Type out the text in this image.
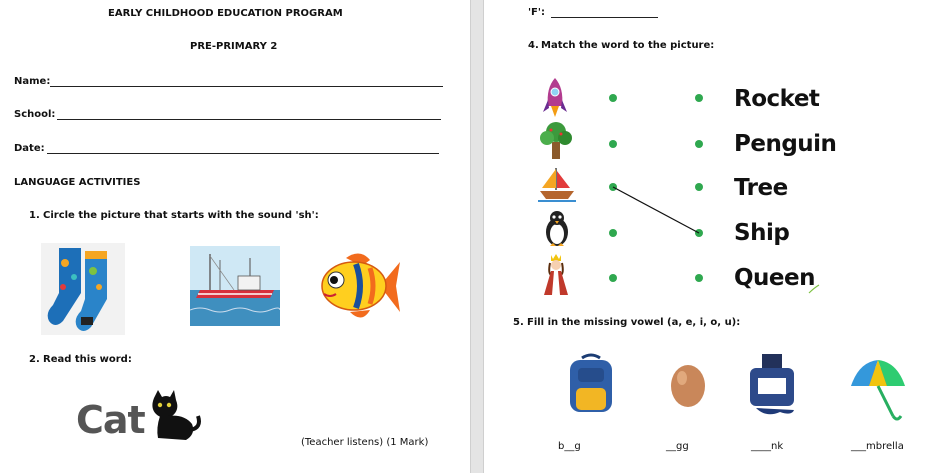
EARLY CHILDHOOD EDUCATION PROGRAM
PRE-PRIMARY 2
Name:
School:
Date:
LANGUAGE ACTIVITIES
1. Circle the picture that starts with the sound 'sh':
2. Read this word:
Cat
(Teacher listens) (1 Mark)
'F':
4. Match the word to the picture:
Rocket
Penguin
Tree
Ship
Queen
5. Fill in the missing vowel (a, e, i, o, u):
b__g	__gg	____nk	___mbrella
